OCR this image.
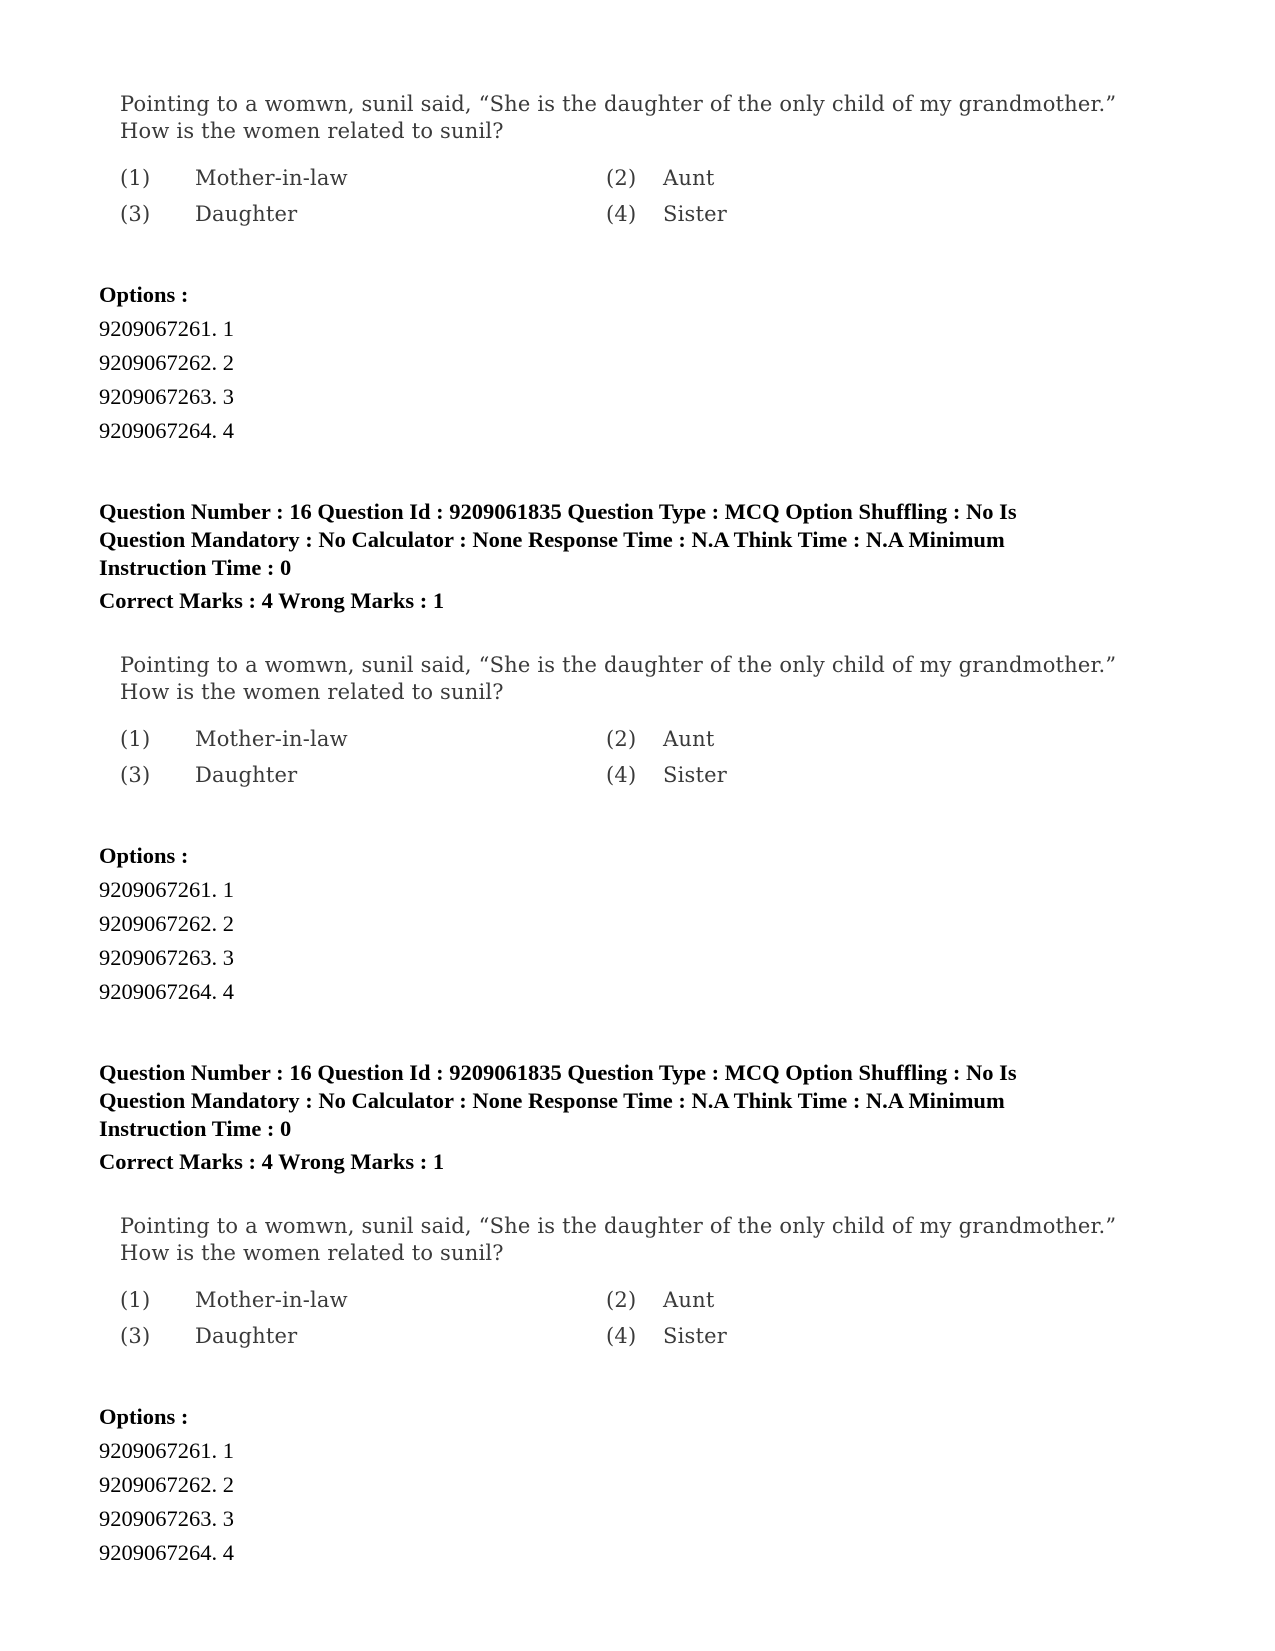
Pointing to a womwn, sunil said, “She is the daughter of the only child of my grandmother.”
How is the women related to sunil?
(1) Mother-in-law	(2) Aunt
(3) Daughter	(4) Sister
Options :
9209067261. 1
9209067262. 2
9209067263. 3
9209067264. 4
Question Number : 16 Question Id : 9209061835 Question Type : MCQ Option Shuffling : No Is
Question Mandatory : No Calculator : None Response Time : N.A Think Time : N.A Minimum
Instruction Time : 0
Correct Marks : 4 Wrong Marks : 1
Pointing to a womwn, sunil said, “She is the daughter of the only child of my grandmother.”
How is the women related to sunil?
(1) Mother-in-law	(2) Aunt
(3) Daughter	(4) Sister
Options :
9209067261. 1
9209067262. 2
9209067263. 3
9209067264. 4
Question Number : 16 Question Id : 9209061835 Question Type : MCQ Option Shuffling : No Is
Question Mandatory : No Calculator : None Response Time : N.A Think Time : N.A Minimum
Instruction Time : 0
Correct Marks : 4 Wrong Marks : 1
Pointing to a womwn, sunil said, “She is the daughter of the only child of my grandmother.”
How is the women related to sunil?
(1) Mother-in-law	(2) Aunt
(3) Daughter	(4) Sister
Options :
9209067261. 1
9209067262. 2
9209067263. 3
9209067264. 4
